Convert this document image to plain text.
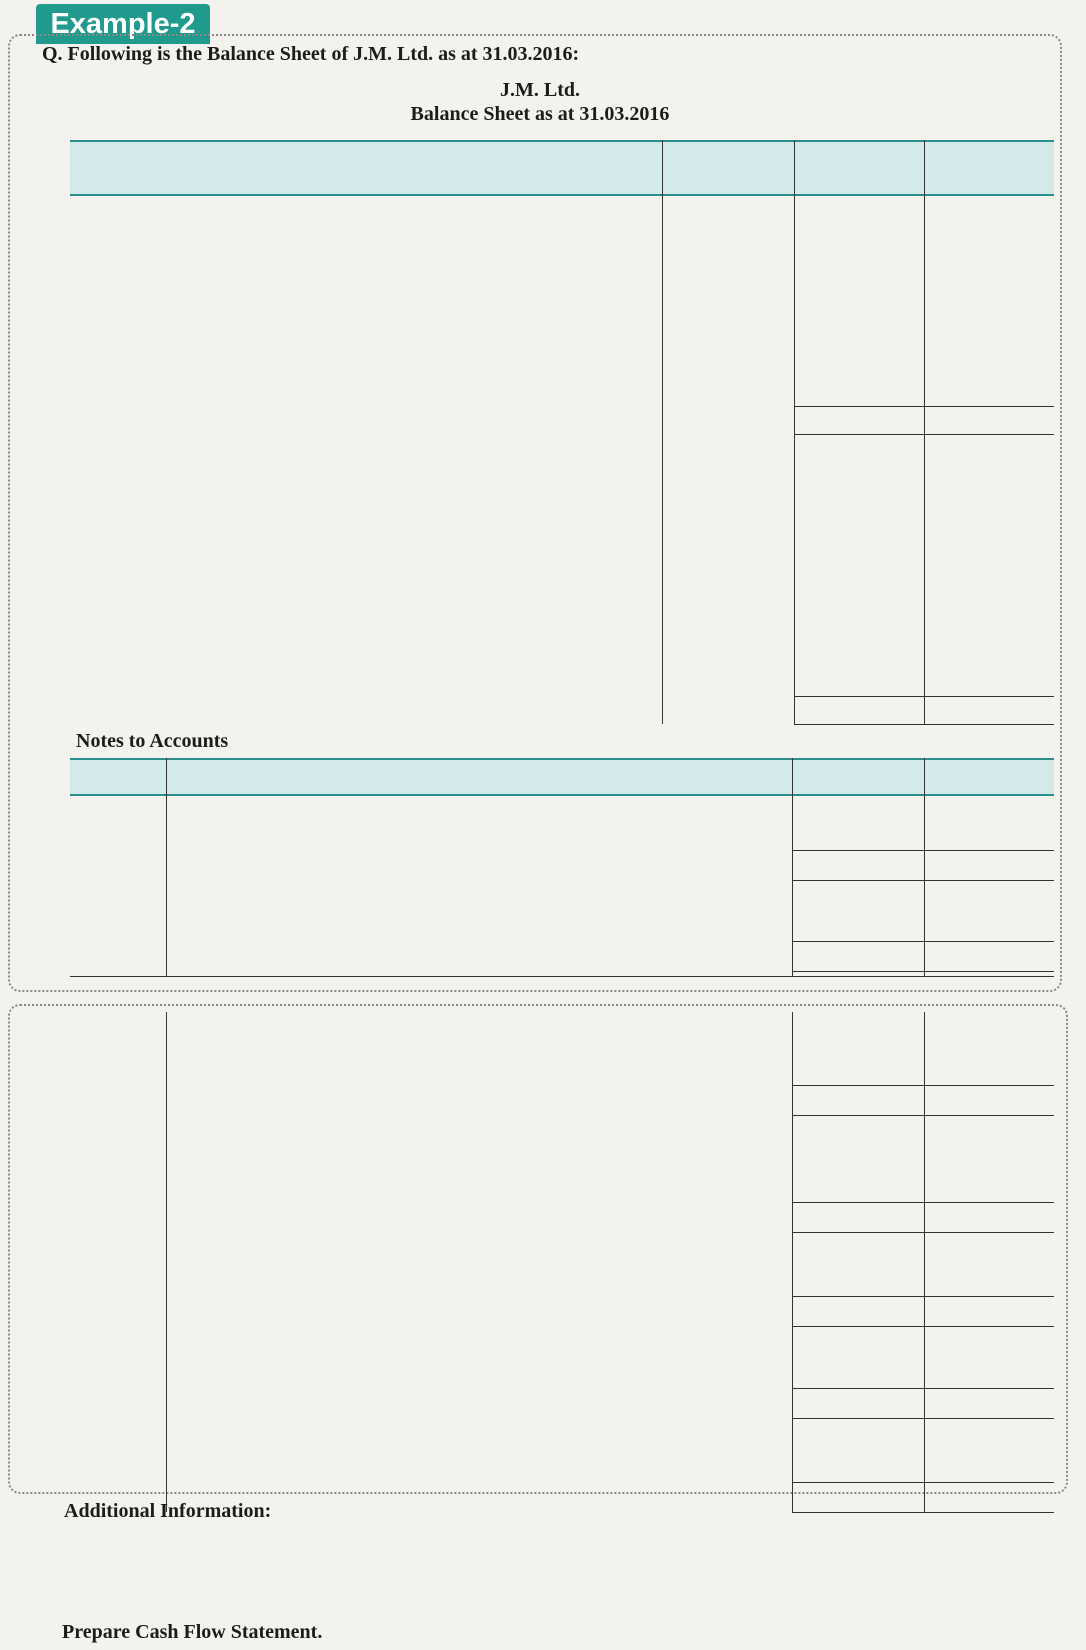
Example-2
Q. Following is the Balance Sheet of J.M. Ltd. as at 31.03.2016:
J.M. Ltd.
Balance Sheet as at 31.03.2016
Notes to Accounts
Additional Information:
Prepare Cash Flow Statement.
